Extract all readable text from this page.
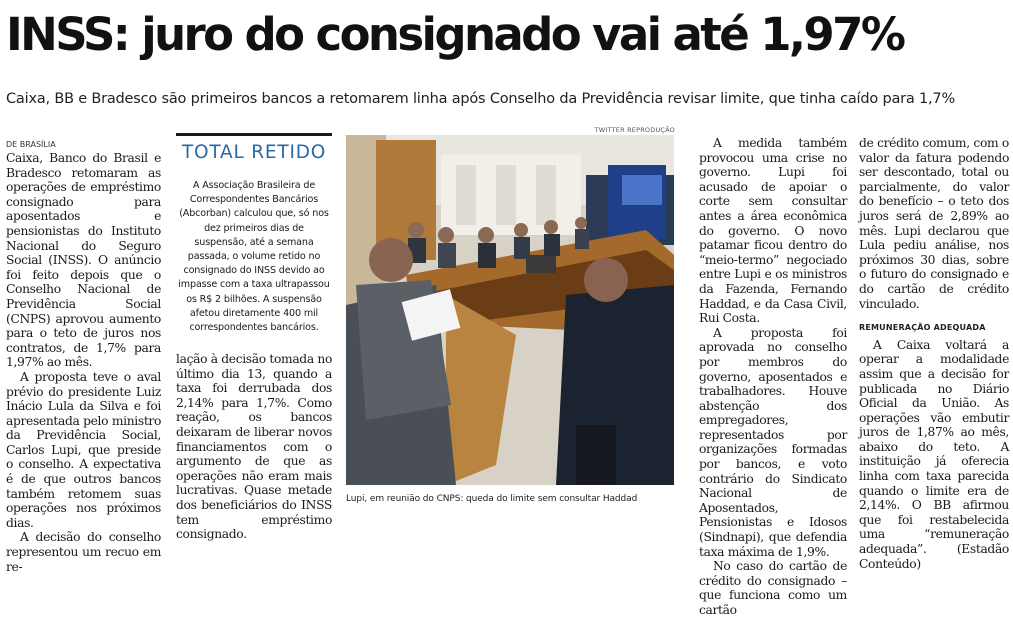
INSS: juro do consignado vai até 1,97%

Caixa, BB e Bradesco são primeiros bancos a retomarem linha após Conselho da Previdência revisar limite, que tinha caído para 1,7%

DE BRASÍLIA

Caixa, Banco do Brasil e Bradesco retomaram as operações de empréstimo consignado para aposentados e pensionistas do Instituto Nacional do Seguro Social (INSS). O anúncio foi feito depois que o Conselho Nacional de Previdência Social (CNPS) aprovou aumento para o teto de juros nos contratos, de 1,7% para 1,97% ao mês.

A proposta teve o aval prévio do presidente Luiz Inácio Lula da Silva e foi apresentada pelo ministro da Previdência Social, Carlos Lupi, que preside o conselho. A expectativa é de que outros bancos também retomem suas operações nos próximos dias.

A decisão do conselho representou um recuo em re-

TOTAL RETIDO
A Associação Brasileira de Correspondentes Bancários (Abcorban) calculou que, só nos dez primeiros dias de suspensão, até a semana passada, o volume retido no consignado do INSS devido ao impasse com a taxa ultrapassou os R$ 2 bilhões. A suspensão afetou diretamente 400 mil correspondentes bancários.

lação à decisão tomada no último dia 13, quando a taxa foi derrubada dos 2,14% para 1,7%. Como reação, os bancos deixaram de liberar novos financiamentos com o argumento de que as operações não eram mais lucrativas. Quase metade dos beneficiários do INSS tem empréstimo consignado.

TWITTER REPRODUÇÃO
Lupi, em reunião do CNPS: queda do limite sem consultar Haddad

A medida também provocou uma crise no governo. Lupi foi acusado de apoiar o corte sem consultar antes a área econômica do governo. O novo patamar ficou dentro do “meio-termo” negociado entre Lupi e os ministros da Fazenda, Fernando Haddad, e da Casa Civil, Rui Costa.

A proposta foi aprovada no conselho por membros do governo, aposentados e trabalhadores. Houve abstenção dos empregadores, representados por organizações formadas por bancos, e voto contrário do Sindicato Nacional de Aposentados, Pensionistas e Idosos (Sindnapi), que defendia taxa máxima de 1,9%.

No caso do cartão de crédito do consignado – que funciona como um cartão

de crédito comum, com o valor da fatura podendo ser descontado, total ou parcialmente, do valor do benefício – o teto dos juros será de 2,89% ao mês. Lupi declarou que Lula pediu análise, nos próximos 30 dias, sobre o futuro do consignado e do cartão de crédito vinculado.

REMUNERAÇÃO ADEQUADA

A Caixa voltará a operar a modalidade assim que a decisão for publicada no Diário Oficial da União. As operações vão embutir juros de 1,87% ao mês, abaixo do teto. A instituição já oferecia linha com taxa parecida quando o limite era de 2,14%. O BB afirmou que foi restabelecida uma “remuneração adequada”. (Estadão Conteúdo)
